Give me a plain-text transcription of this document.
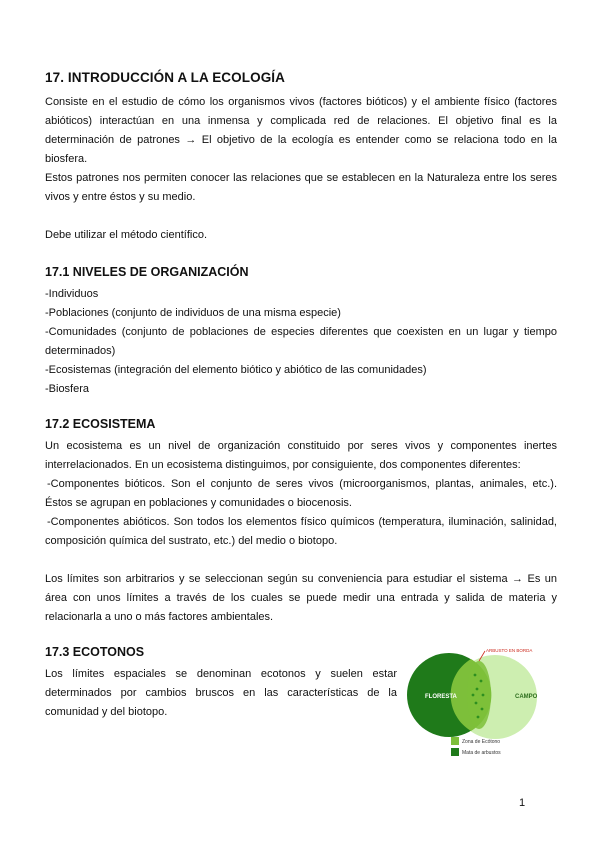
17. INTRODUCCIÓN A LA ECOLOGÍA

Consiste en el estudio de cómo los organismos vivos (factores bióticos) y el ambiente físico (factores abióticos) interactúan en una inmensa y complicada red de relaciones. El objetivo final es la determinación de patrones → El objetivo de la ecología es entender como se relaciona todo en la biosfera.

Estos patrones nos permiten conocer las relaciones que se establecen en la Naturaleza entre los seres vivos y entre éstos y su medio.

Debe utilizar el método científico.

17.1 NIVELES DE ORGANIZACIÓN
-Individuos
-Poblaciones (conjunto de individuos de una misma especie)
-Comunidades (conjunto de poblaciones de especies diferentes que coexisten en un lugar y tiempo determinados)
-Ecosistemas (integración del elemento biótico y abiótico de las comunidades)
-Biosfera
17.2 ECOSISTEMA

Un ecosistema es un nivel de organización constituido por seres vivos y componentes inertes interrelacionados. En un ecosistema distinguimos, por consiguiente, dos componentes diferentes:

-Componentes bióticos. Son el conjunto de seres vivos (microorganismos, plantas, animales, etc.). Éstos se agrupan en poblaciones y comunidades o biocenosis.

-Componentes abióticos. Son todos los elementos físico químicos (temperatura, iluminación, salinidad, composición química del sustrato, etc.) del medio o biotopo.

Los límites son arbitrarios y se seleccionan según su conveniencia para estudiar el sistema → Es un área con unos límites a través de los cuales se puede medir una entrada y salida de materia y relacionarla a uno o más factores ambientales.

17.3 ECOTONOS

Los límites espaciales se denominan ecotonos y suelen estar determinados por cambios bruscos en las características de la comunidad y del biotopo.

ARBUSTO EN BORDA
FLORESTA	CAMPO
Zona de Ecótono
Mata de arbustos
1
